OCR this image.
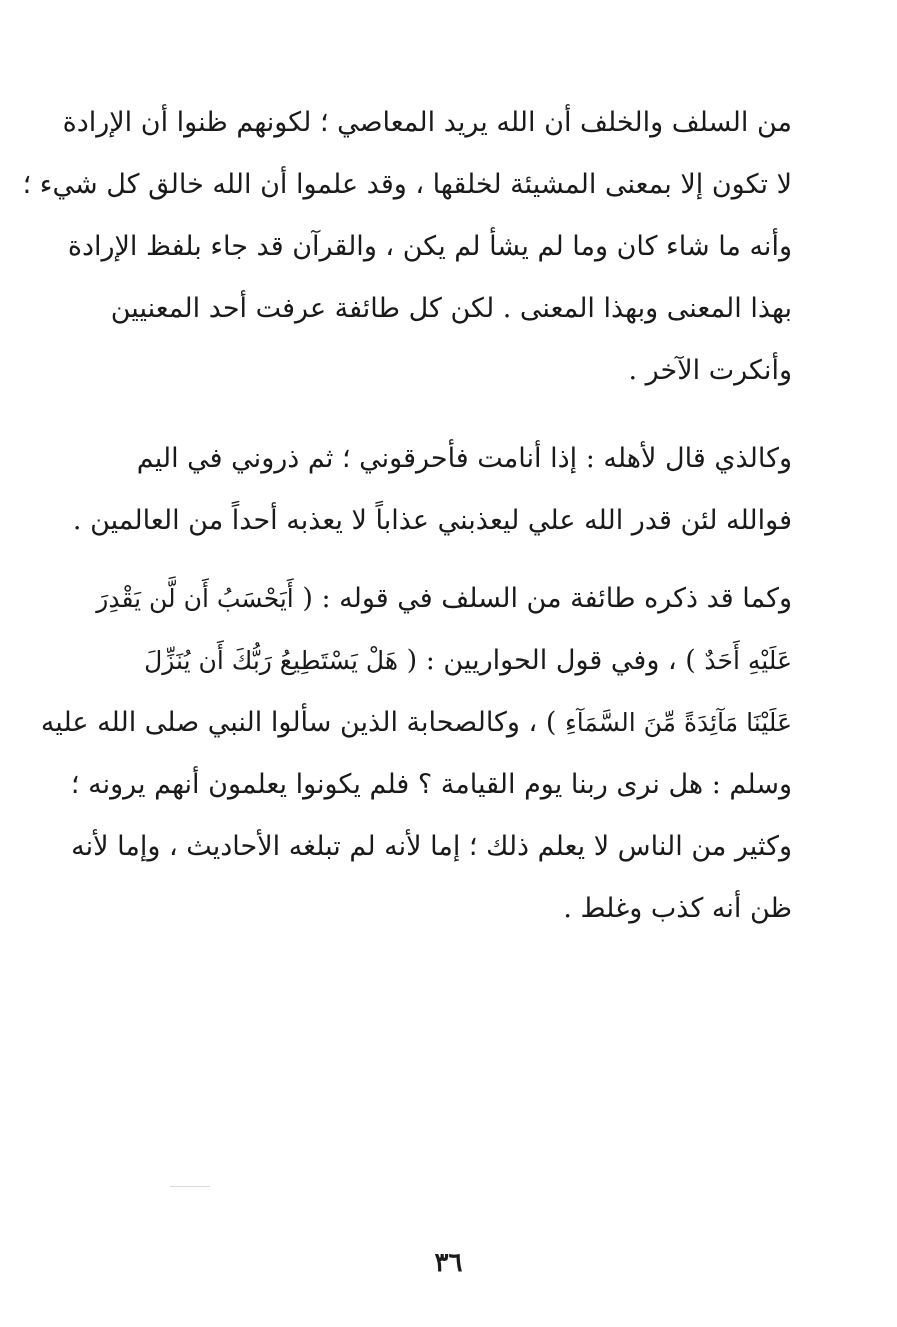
من السلف والخلف أن الله يريد المعاصي ؛ لكونهم ظنوا أن الإرادة
لا تكون إلا بمعنى المشيئة لخلقها ، وقد علموا أن الله خالق كل شيء ؛
وأنه ما شاء كان وما لم يشأ لم يكن ، والقرآن قد جاء بلفظ الإرادة
بهذا المعنى وبهذا المعنى . لكن كل طائفة عرفت أحد المعنيين
وأنكرت الآخر .
وكالذي قال لأهله : إذا أنامت فأحرقوني ؛ ثم ذروني في اليم
فوالله لئن قدر الله علي ليعذبني عذاباً لا يعذبه أحداً من العالمين .
وكما قد ذكره طائفة من السلف في قوله : ( أَيَحْسَبُ أَن لَّن يَقْدِرَ
عَلَيْهِ أَحَدٌ ) ، وفي قول الحواريين : ( هَلْ يَسْتَطِيعُ رَبُّكَ أَن يُنَزِّلَ
عَلَيْنَا مَآئِدَةً مِّنَ السَّمَآءِ ) ، وكالصحابة الذين سألوا النبي صلى الله عليه
وسلم : هل نرى ربنا يوم القيامة ؟ فلم يكونوا يعلمون أنهم يرونه ؛
وكثير من الناس لا يعلم ذلك ؛ إما لأنه لم تبلغه الأحاديث ، وإما لأنه
ظن أنه كذب وغلط .
٣٦
